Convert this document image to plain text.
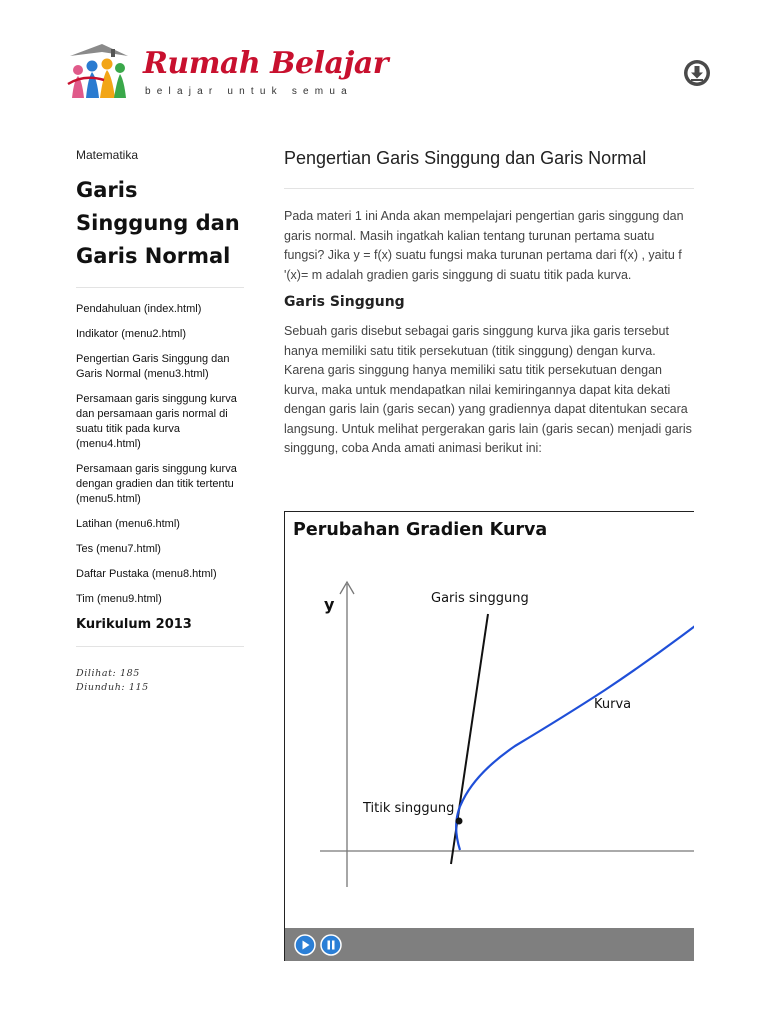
Rumah Belajar
belajar untuk semua
Matematika
Garis Singgung dan Garis Normal
Pendahuluan (index.html)
Indikator (menu2.html)
Pengertian Garis Singgung dan Garis Normal (menu3.html)
Persamaan garis singgung kurva dan persamaan garis normal di suatu titik pada kurva (menu4.html)
Persamaan garis singgung kurva dengan gradien dan titik tertentu (menu5.html)
Latihan (menu6.html)
Tes (menu7.html)
Daftar Pustaka (menu8.html)
Tim (menu9.html)
Kurikulum 2013
Dilihat: 185
Diunduh: 115
Pengertian Garis Singgung dan Garis Normal

Pada materi 1 ini Anda akan mempelajari pengertian garis singgung dan garis normal. Masih ingatkah kalian tentang turunan pertama suatu fungsi? Jika y = f(x) suatu fungsi maka turunan pertama dari f(x) , yaitu f '(x)= m adalah gradien garis singgung di suatu titik pada kurva.

Garis Singgung

Sebuah garis disebut sebagai garis singgung kurva jika garis tersebut hanya memiliki satu titik persekutuan (titik singgung) dengan kurva. Karena garis singgung hanya memiliki satu titik persekutuan dengan kurva, maka untuk mendapatkan nilai kemiringannya dapat kita dekati dengan garis lain (garis secan) yang gradiennya dapat ditentukan secara langsung. Untuk melihat pergerakan garis lain (garis secan) menjadi garis singgung, coba Anda amati animasi berikut ini:

Perubahan Gradien Kurva
y	Garis singgung
Kurva
Titik singgung
